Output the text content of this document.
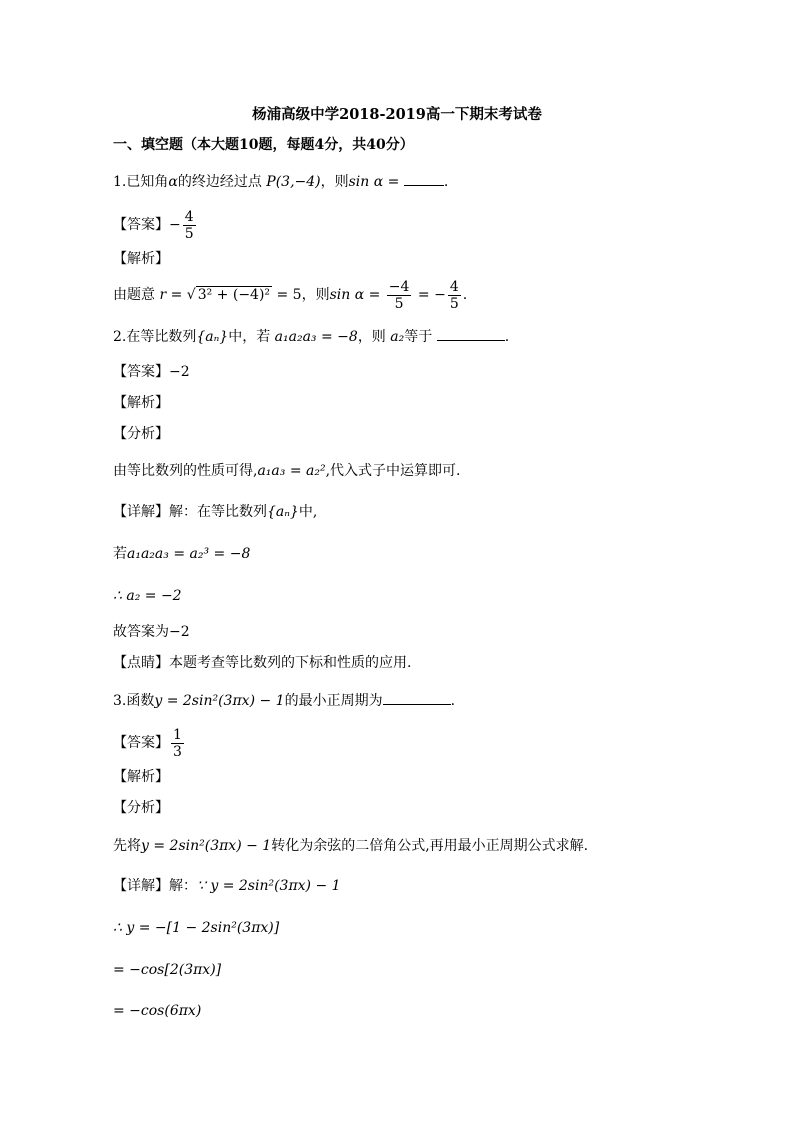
杨浦高级中学2018-2019高一下期末考试卷
一、填空题（本大题10题，每题4分，共40分）
1.已知角α的终边经过点 P(3,−4)，则sin α =	.
【答案】− $\frac{4}{5}$
【解析】
由题意 r = √ 3² + (−4)² = 5，则$\sin \alpha = \frac{-4}{5}$ = − $\frac{4}{5}$ .
2.在等比数列{aₙ}中，若 a₁a₂a₃ = −8，则 a₂等于	.
【答案】−2
【解析】
【分析】
由等比数列的性质可得,a₁a₃ = a₂²,代入式子中运算即可.
【详解】解：在等比数列{aₙ}中,
若a₁a₂a₃ = a₂³ = −8
∴ a₂ = −2
故答案为−2
【点睛】本题考查等比数列的下标和性质的应用.
3.函数y = 2sin²(3πx) − 1的最小正周期为	.
【答案】 $\frac{1}{3}$
【解析】
【分析】
先将y = 2sin²(3πx) − 1转化为余弦的二倍角公式,再用最小正周期公式求解.
【详解】解：∵ y = 2sin²(3πx) − 1
∴ y = −[1 − 2sin²(3πx)]
= −cos[2(3πx)]
= −cos(6πx)
